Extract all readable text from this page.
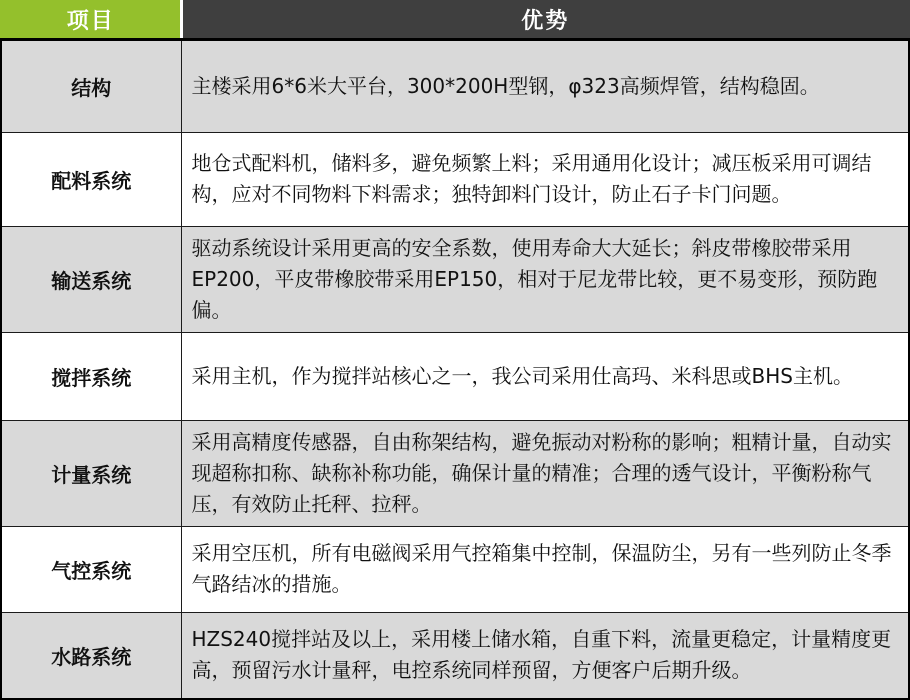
项目	优势
结构	主楼采用6*6米大平台，300*200H型钢，φ323高频焊管，结构稳固。
配料系统	地仓式配料机，储料多，避免频繁上料；采用通用化设计；减压板采用可调结构，应对不同物料下料需求；独特卸料门设计，防止石子卡门问题。
输送系统	驱动系统设计采用更高的安全系数，使用寿命大大延长；斜皮带橡胶带采用EP200，平皮带橡胶带采用EP150，相对于尼龙带比较，更不易变形，预防跑偏。
搅拌系统	采用主机，作为搅拌站核心之一，我公司采用仕高玛、米科思或BHS主机。
计量系统	采用高精度传感器，自由称架结构，避免振动对粉称的影响；粗精计量，自动实现超称扣称、缺称补称功能，确保计量的精准；合理的透气设计，平衡粉称气压，有效防止托秤、拉秤。
气控系统	采用空压机，所有电磁阀采用气控箱集中控制，保温防尘，另有一些列防止冬季气路结冰的措施。
水路系统	HZS240搅拌站及以上，采用楼上储水箱，自重下料，流量更稳定，计量精度更高，预留污水计量秤，电控系统同样预留，方便客户后期升级。
